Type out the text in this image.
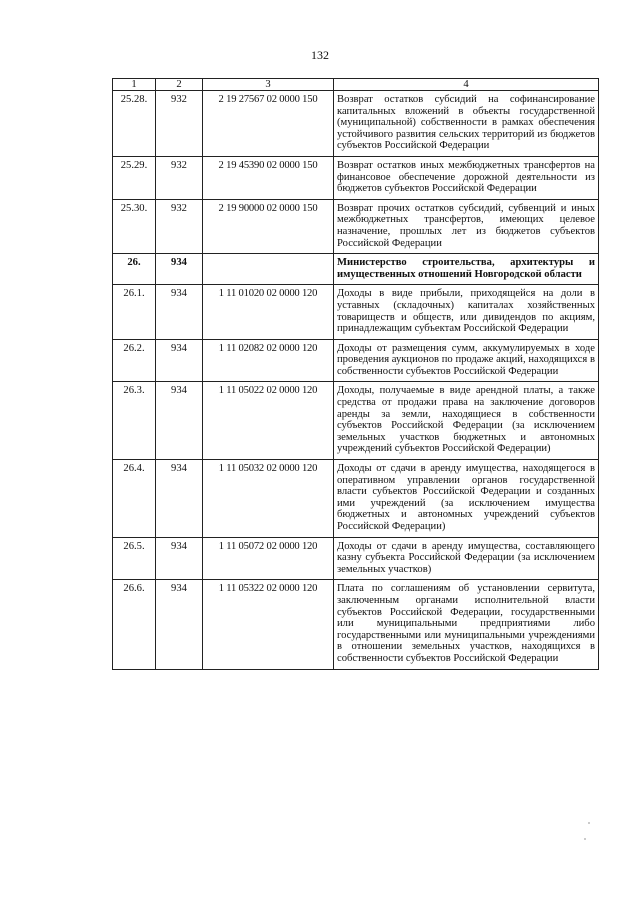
132
1	2	3	4
25.28.	932	2 19 27567 02 0000 150	Возврат остатков субсидий на софинансирование капитальных вложений в объекты государственной (муниципальной) собственности в рамках обеспечения устойчивого развития сельских территорий из бюджетов субъектов Российской Федерации
25.29.	932	2 19 45390 02 0000 150	Возврат остатков иных межбюджетных трансфертов на финансовое обеспечение дорожной деятельности из бюджетов субъектов Российской Федерации
25.30.	932	2 19 90000 02 0000 150	Возврат прочих остатков субсидий, субвенций и иных межбюджетных трансфертов, имеющих целевое назначение, прошлых лет из бюджетов субъектов Российской Федерации
26.	934		Министерство строительства, архитектуры и имущественных отношений Новгородской области
26.1.	934	1 11 01020 02 0000 120	Доходы в виде прибыли, приходящейся на доли в уставных (складочных) капиталах хозяйственных товариществ и обществ, или дивидендов по акциям, принадлежащим субъектам Российской Федерации
26.2.	934	1 11 02082 02 0000 120	Доходы от размещения сумм, аккумулируемых в ходе проведения аукционов по продаже акций, находящихся в собственности субъектов Российской Федерации
26.3.	934	1 11 05022 02 0000 120	Доходы, получаемые в виде арендной платы, а также средства от продажи права на заключение договоров аренды за земли, находящиеся в собственности субъектов Российской Федерации (за исключением земельных участков бюджетных и автономных учреждений субъектов Российской Федерации)
26.4.	934	1 11 05032 02 0000 120	Доходы от сдачи в аренду имущества, находящегося в оперативном управлении органов государственной власти субъектов Российской Федерации и созданных ими учреждений (за исключением имущества бюджетных и автономных учреждений субъектов Российской Федерации)
26.5.	934	1 11 05072 02 0000 120	Доходы от сдачи в аренду имущества, составляющего казну субъекта Российской Федерации (за исключением земельных участков)
26.6.	934	1 11 05322 02 0000 120	Плата по соглашениям об установлении сервитута, заключенным органами исполнительной власти субъектов Российской Федерации, государственными или муниципальными предприятиями либо государственными или муниципальными учреждениями в отношении земельных участков, находящихся в собственности субъектов Российской Федерации
